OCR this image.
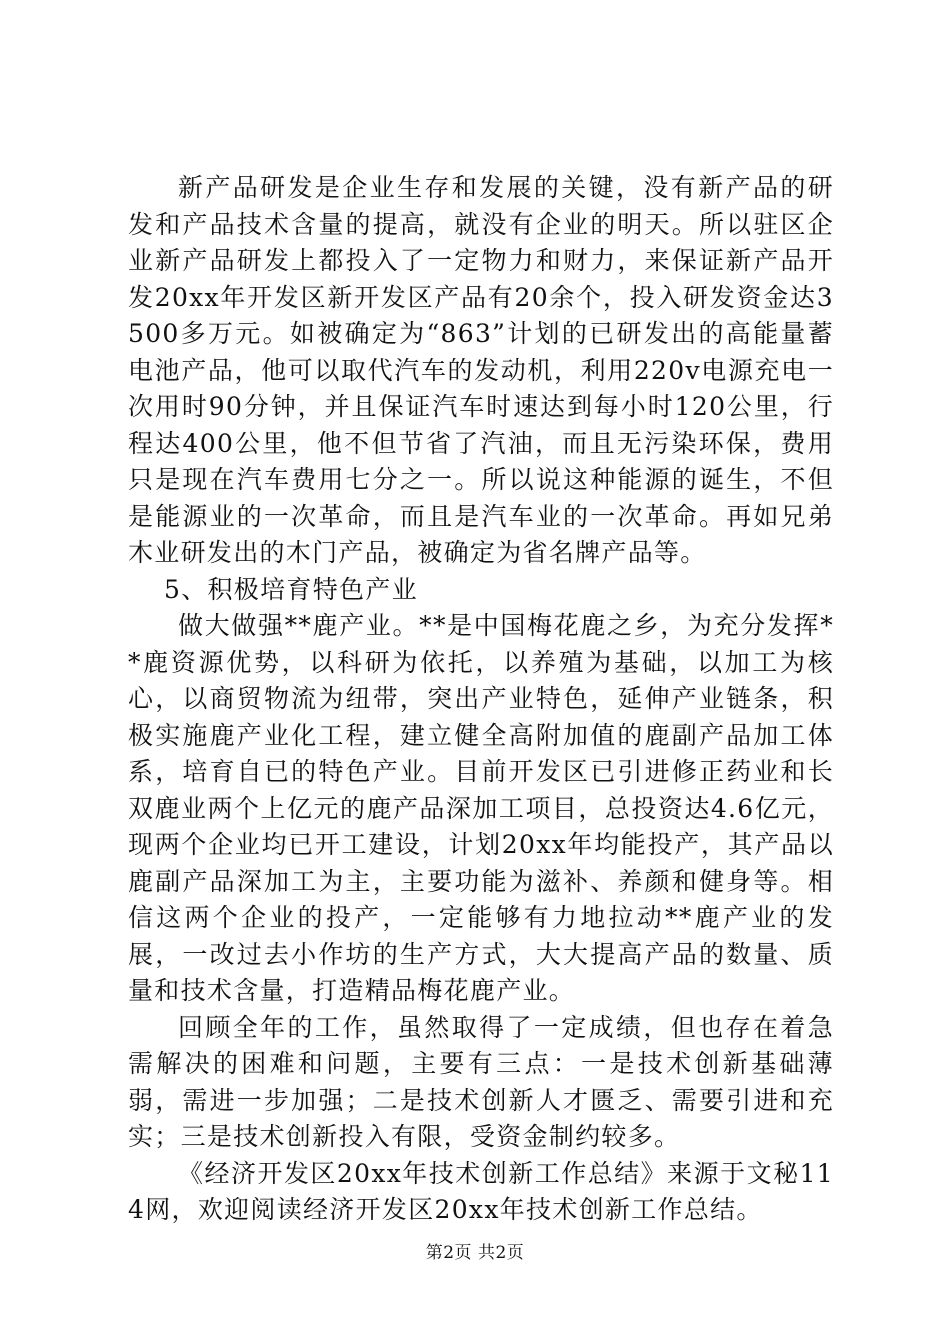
新产品研发是企业生存和发展的关键，没有新产品的研发和产品技术含量的提高，就没有企业的明天。所以驻区企业新产品研发上都投入了一定物力和财力，来保证新产品开发20xx年开发区新开发区产品有20余个，投入研发资金达3500多万元。如被确定为“863”计划的已研发出的高能量蓄电池产品，他可以取代汽车的发动机，利用220v电源充电一次用时90分钟，并且保证汽车时速达到每小时120公里，行程达400公里，他不但节省了汽油，而且无污染环保，费用只是现在汽车费用七分之一。所以说这种能源的诞生，不但是能源业的一次革命，而且是汽车业的一次革命。再如兄弟木业研发出的木门产品，被确定为省名牌产品等。

5、积极培育特色产业

做大做强**鹿产业。**是中国梅花鹿之乡，为充分发挥**鹿资源优势，以科研为依托，以养殖为基础，以加工为核心，以商贸物流为纽带，突出产业特色，延伸产业链条，积极实施鹿产业化工程，建立健全高附加值的鹿副产品加工体系，培育自已的特色产业。目前开发区已引进修正药业和长双鹿业两个上亿元的鹿产品深加工项目，总投资达4.6亿元，现两个企业均已开工建设，计划20xx年均能投产，其产品以鹿副产品深加工为主，主要功能为滋补、养颜和健身等。相信这两个企业的投产，一定能够有力地拉动**鹿产业的发展，一改过去小作坊的生产方式，大大提高产品的数量、质量和技术含量，打造精品梅花鹿产业。

回顾全年的工作，虽然取得了一定成绩，但也存在着急需解决的困难和问题，主要有三点：一是技术创新基础薄弱，需进一步加强；二是技术创新人才匮乏、需要引进和充实；三是技术创新投入有限，受资金制约较多。

《经济开发区20xx年技术创新工作总结》来源于文秘114网，欢迎阅读经济开发区20xx年技术创新工作总结。

第2页 共2页
